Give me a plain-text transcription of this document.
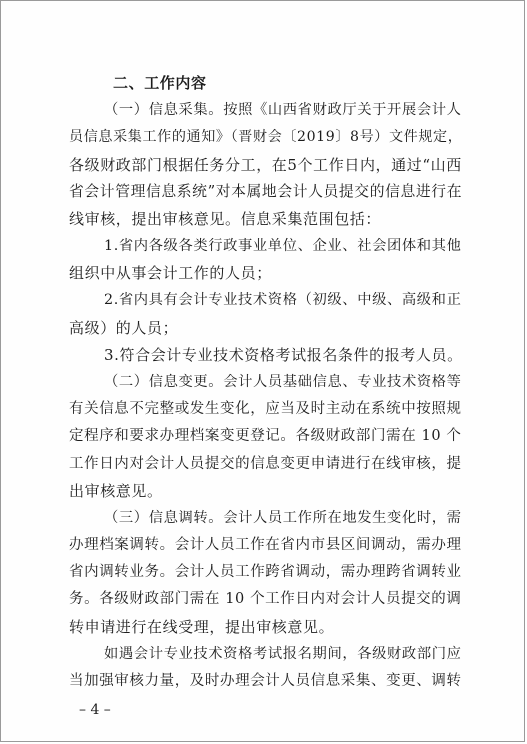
二、工作内容
（一）信息采集。按照《山西省财政厅关于开展会计人
员信息采集工作的通知》（晋财会〔2019〕8号）文件规定，
各级财政部门根据任务分工，在5个工作日内，通过“山西
省会计管理信息系统”对本属地会计人员提交的信息进行在
线审核，提出审核意见。信息采集范围包括：
1.省内各级各类行政事业单位、企业、社会团体和其他
组织中从事会计工作的人员；
2.省内具有会计专业技术资格（初级、中级、高级和正
高级）的人员；
3.符合会计专业技术资格考试报名条件的报考人员。
（二）信息变更。会计人员基础信息、专业技术资格等
有关信息不完整或发生变化，应当及时主动在系统中按照规
定程序和要求办理档案变更登记。各级财政部门需在 10 个
工作日内对会计人员提交的信息变更申请进行在线审核，提
出审核意见。
（三）信息调转。会计人员工作所在地发生变化时，需
办理档案调转。会计人员工作在省内市县区间调动，需办理
省内调转业务。会计人员工作跨省调动，需办理跨省调转业
务。各级财政部门需在 10 个工作日内对会计人员提交的调
转申请进行在线受理，提出审核意见。
如遇会计专业技术资格考试报名期间，各级财政部门应
当加强审核力量，及时办理会计人员信息采集、变更、调转
– 4 –
